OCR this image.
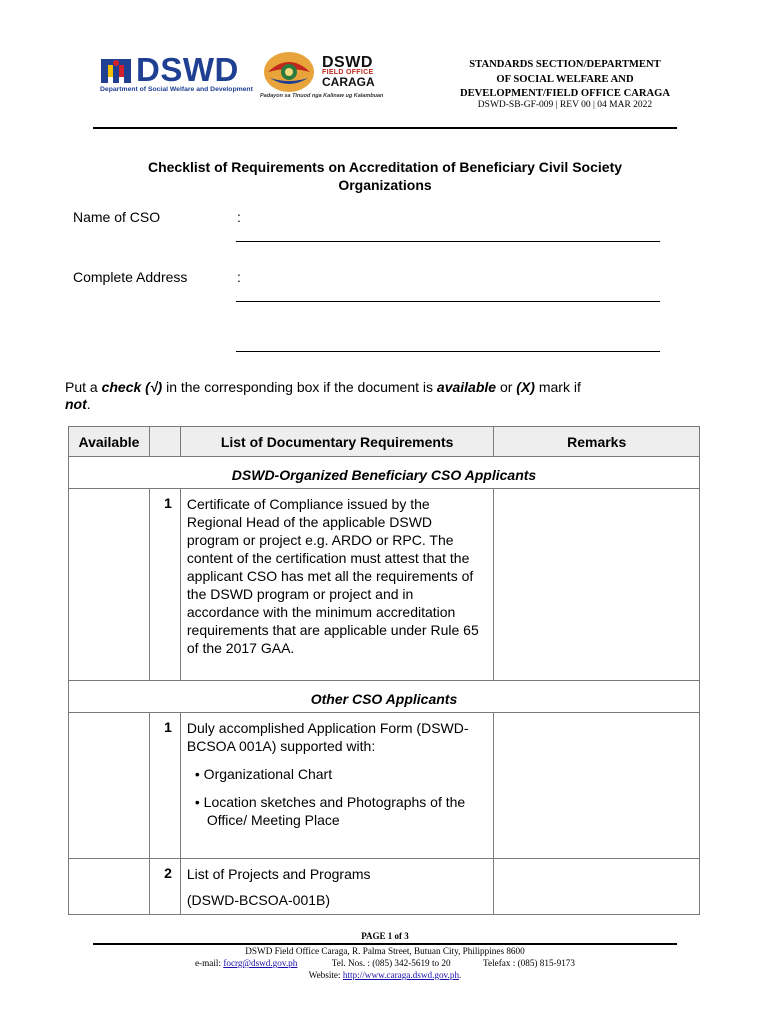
DSWD
Department of Social Welfare and Development
DSWD
FIELD OFFICE
CARAGA
Padayon sa Tinuod nga Kalinaw ug Kalambuan
STANDARDS SECTION/DEPARTMENT
OF SOCIAL WELFARE AND
DEVELOPMENT/FIELD OFFICE CARAGA
DSWD-SB-GF-009 | REV 00 | 04 MAR 2022
Checklist of Requirements on Accreditation of Beneficiary Civil Society
Organizations
Name of CSO	:
Complete Address	:
Put a check (√) in the corresponding box if the document is available or (X) mark if
not.
Available		List of Documentary Requirements	Remarks
DSWD-Organized Beneficiary CSO Applicants			
	1	Certificate of Compliance issued by the Regional Head of the applicable DSWD program or project e.g. ARDO or RPC. The content of the certification must attest that the applicant CSO has met all the requirements of the DSWD program or project and in accordance with the minimum accreditation requirements that are applicable under Rule 65 of the 2017 GAA.	
Other CSO Applicants			
	1	Duly accomplished Application Form (DSWD-BCSOA 001A) supported with:

• Organizational Chart
• Location sketches and Photographs of the Office/ Meeting Place	

	2	List of Projects and Programs

(DSWD-BCSOA-001B)	

PAGE 1 of 3
DSWD Field Office Caraga, R. Palma Street, Butuan City, Philippines 8600
e-mail: focrg@dswd.gov.ph	Tel. Nos. : (085) 342-5619 to 20	Telefax : (085) 815-9173
Website: http://www.caraga.dswd.gov.ph.
